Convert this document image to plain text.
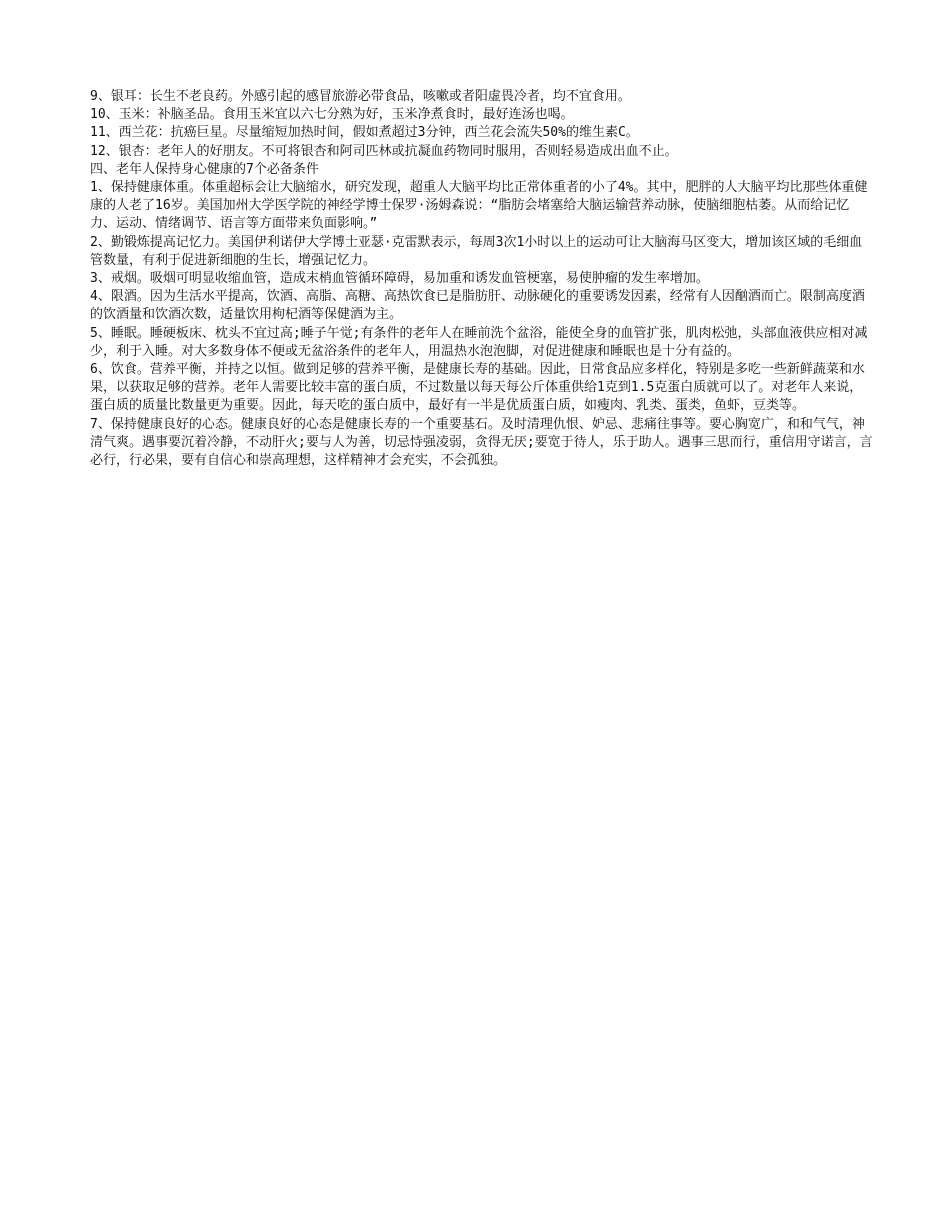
9、银耳：长生不老良药。外感引起的感冒旅游必带食品，咳嗽或者阳虚畏冷者，均不宜食用。

10、玉米：补脑圣品。食用玉米宜以六七分熟为好，玉米净煮食时，最好连汤也喝。

11、西兰花：抗癌巨星。尽量缩短加热时间，假如煮超过3分钟，西兰花会流失50%的维生素C。

12、银杏：老年人的好朋友。不可将银杏和阿司匹林或抗凝血药物同时服用，否则轻易造成出血不止。

四、老年人保持身心健康的7个必备条件

1、保持健康体重。体重超标会让大脑缩水，研究发现，超重人大脑平均比正常体重者的小了4%。其中，肥胖的人大脑平均比那些体重健康的人老了16岁。美国加州大学医学院的神经学博士保罗·汤姆森说：“脂肪会堵塞给大脑运输营养动脉，使脑细胞枯萎。从而给记忆力、运动、情绪调节、语言等方面带来负面影响。”

2、勤锻炼提高记忆力。美国伊利诺伊大学博士亚瑟·克雷默表示，每周3次1小时以上的运动可让大脑海马区变大，增加该区域的毛细血管数量，有利于促进新细胞的生长，增强记忆力。

3、戒烟。吸烟可明显收缩血管，造成末梢血管循环障碍，易加重和诱发血管梗塞，易使肿瘤的发生率增加。

4、限酒。因为生活水平提高，饮酒、高脂、高糖、高热饮食已是脂肪肝、动脉硬化的重要诱发因素，经常有人因酗酒而亡。限制高度酒的饮酒量和饮酒次数，适量饮用枸杞酒等保健酒为主。

5、睡眠。睡硬板床、枕头不宜过高;睡子午觉;有条件的老年人在睡前洗个盆浴，能使全身的血管扩张，肌肉松弛，头部血液供应相对减少，利于入睡。对大多数身体不便或无盆浴条件的老年人，用温热水泡泡脚，对促进健康和睡眠也是十分有益的。

6、饮食。营养平衡，并持之以恒。做到足够的营养平衡，是健康长寿的基础。因此，日常食品应多样化，特别是多吃一些新鲜蔬菜和水果，以获取足够的营养。老年人需要比较丰富的蛋白质，不过数量以每天每公斤体重供给1克到1.5克蛋白质就可以了。对老年人来说，蛋白质的质量比数量更为重要。因此，每天吃的蛋白质中，最好有一半是优质蛋白质，如瘦肉、乳类、蛋类，鱼虾，豆类等。

7、保持健康良好的心态。健康良好的心态是健康长寿的一个重要基石。及时清理仇恨、妒忌、悲痛往事等。要心胸宽广，和和气气，神清气爽。遇事要沉着冷静，不动肝火;要与人为善，切忌恃强凌弱，贪得无厌;要宽于待人，乐于助人。遇事三思而行，重信用守诺言，言必行，行必果，要有自信心和崇高理想，这样精神才会充实，不会孤独。
